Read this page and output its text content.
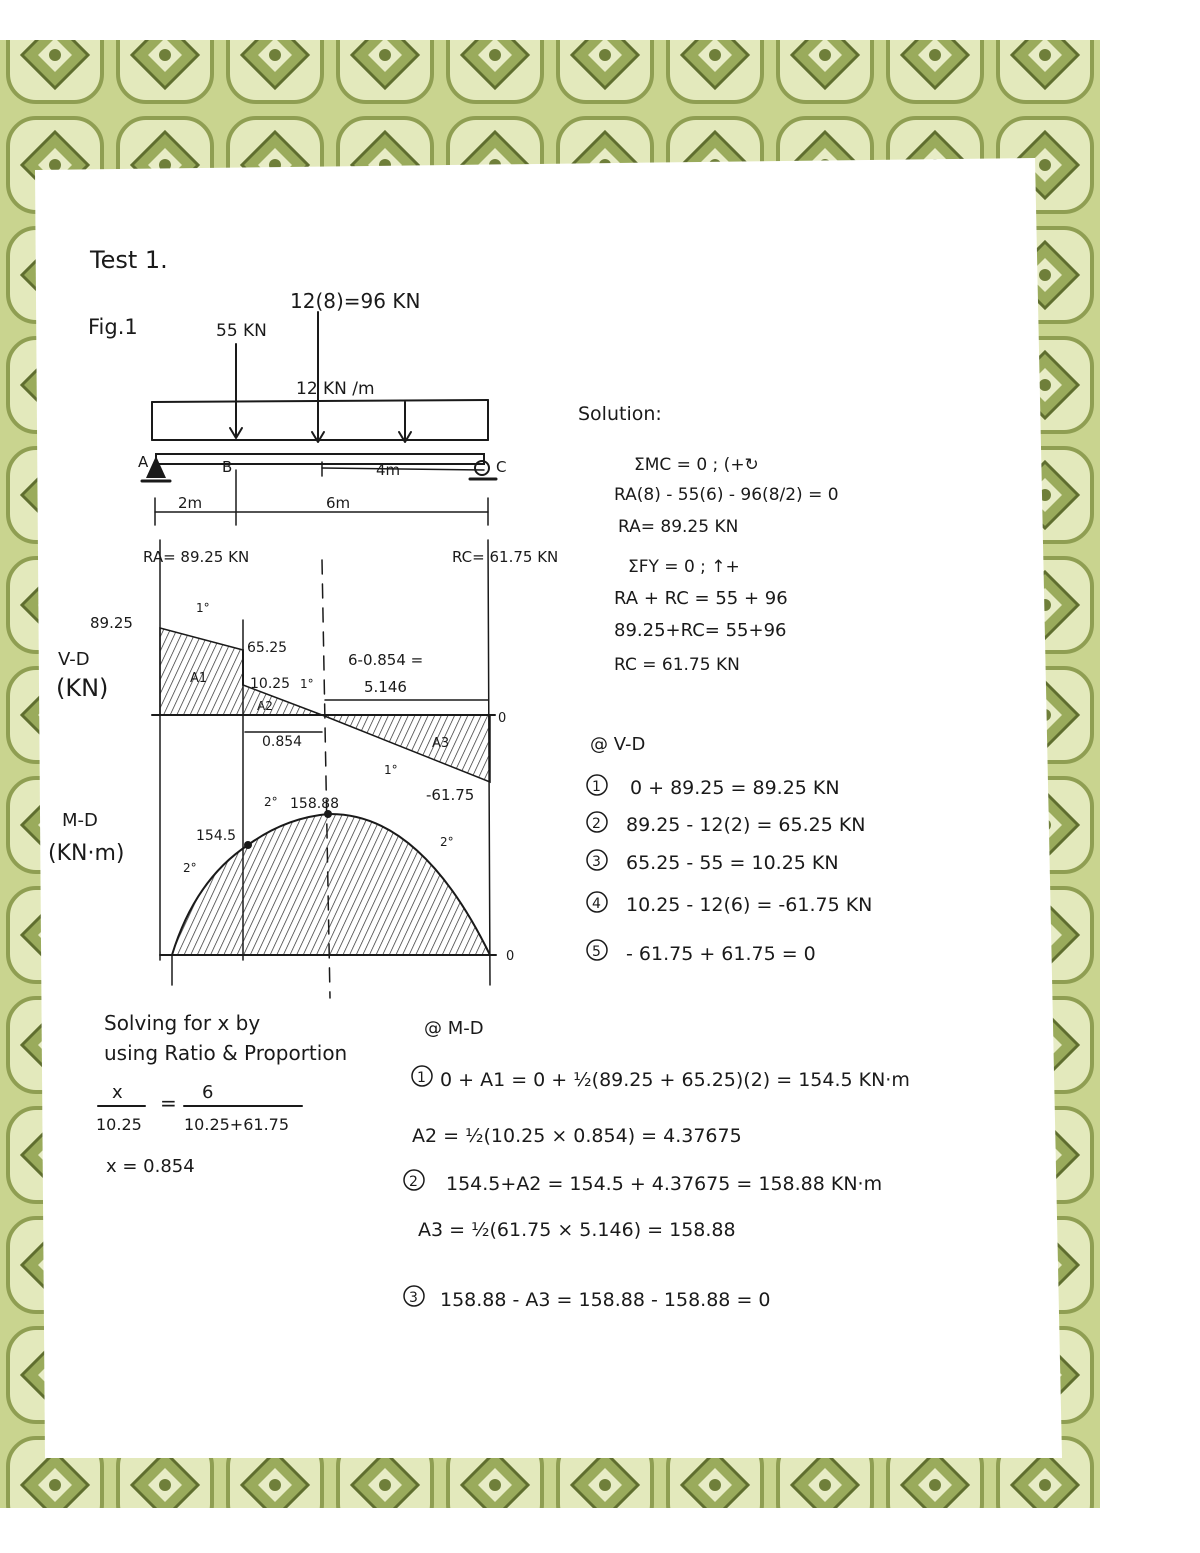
Test 1.
Fig.1	55 KN
12(8)=96 KN
12 KN /m
A	B	C
4m
2m	6m
RA= 89.25 KN	RC= 61.75 KN
V-D
(KN)
89.25
65.25
10.25
-61.75
0
A1
A2
A3
0.854
6-0.854 =
5.146
1°
1°
1°
M-D
(KN·m)
154.5
158.88
0
2°
2°
2°
Solution:
ΣMC = 0 ; (+↻
RA(8) - 55(6) - 96(8/2) = 0
RA= 89.25 KN
ΣFY = 0 ; ↑+
RA + RC = 55 + 96
89.25+RC= 55+96
RC = 61.75 KN
@ V-D
1 0 + 89.25 = 89.25 KN
2 89.25 - 12(2) = 65.25 KN
3 65.25 - 55 = 10.25 KN
4 10.25 - 12(6) = -61.75 KN
5 - 61.75 + 61.75 = 0
Solving for x by
using Ratio & Proportion
x
10.25
= 6
10.25+61.75
x = 0.854
@ M-D
1 0 + A1 = 0 + ½(89.25 + 65.25)(2) = 154.5 KN·m
A2 = ½(10.25 × 0.854) = 4.37675
2 154.5+A2 = 154.5 + 4.37675 = 158.88 KN·m
A3 = ½(61.75 × 5.146) = 158.88
3 158.88 - A3 = 158.88 - 158.88 = 0
